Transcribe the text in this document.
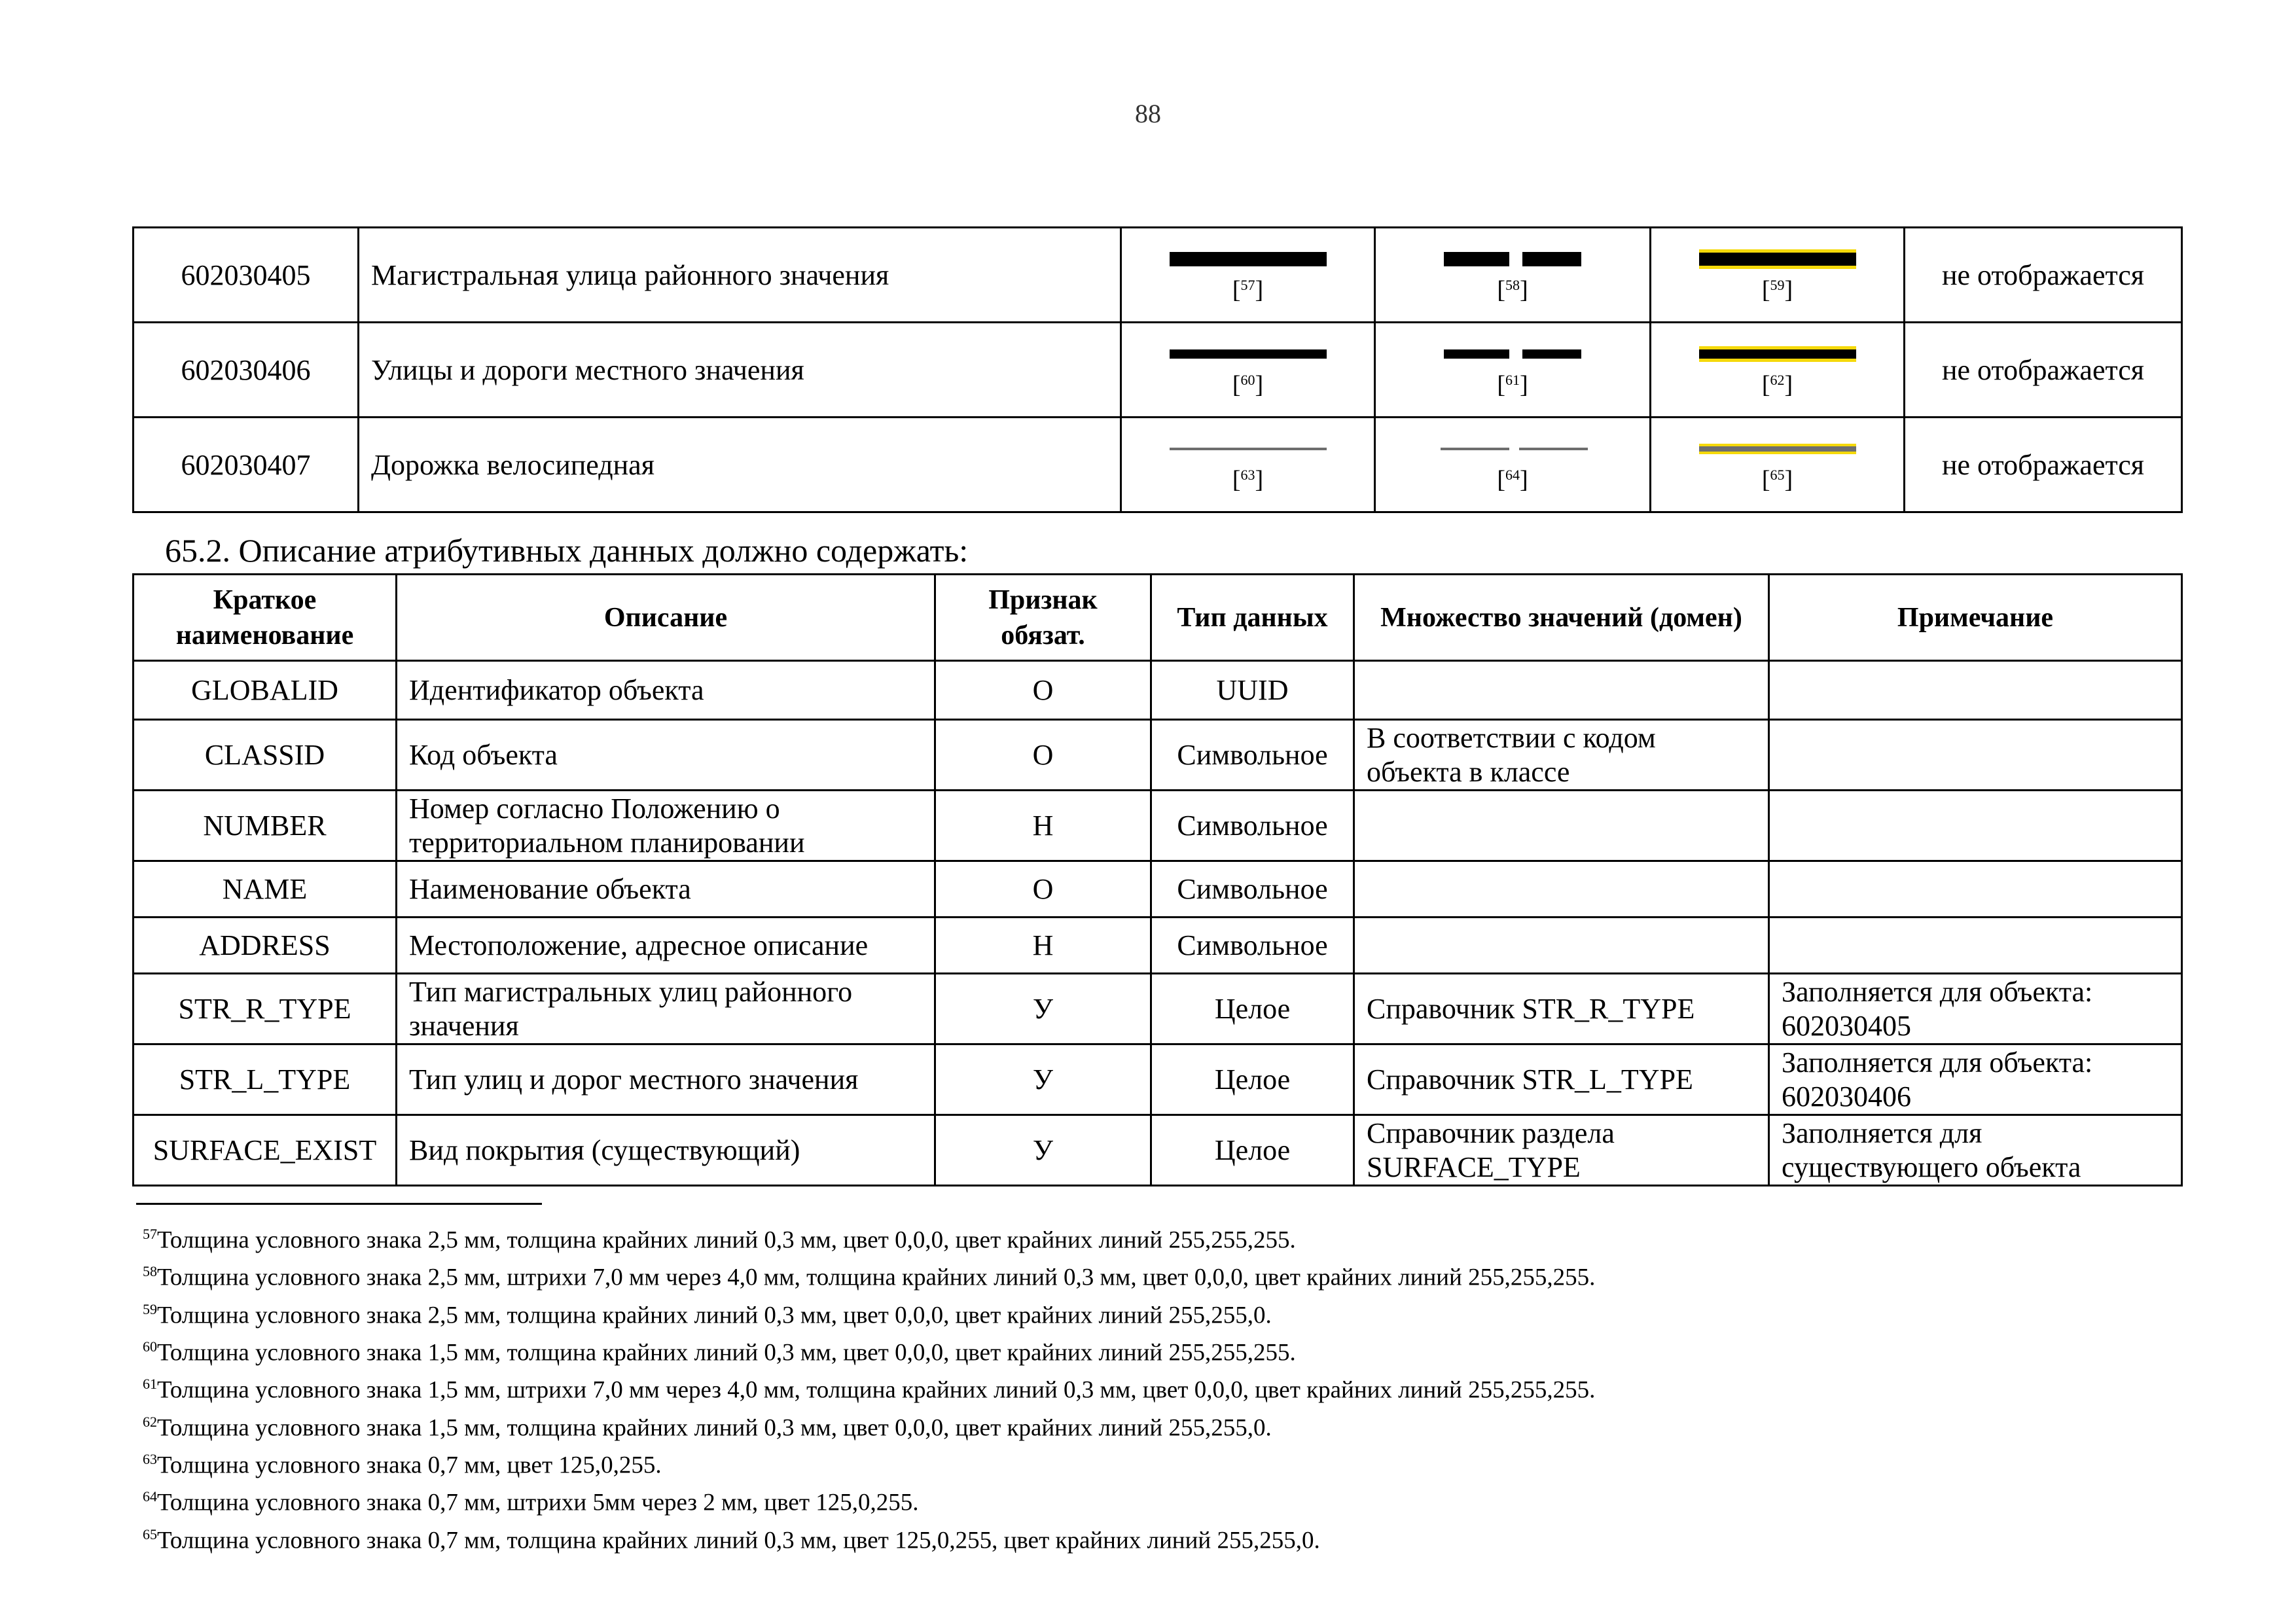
88
602030405	Магистральная улица районного значения	[$^{57}$]	[$^{58}$]	[$^{59}$]	не отображается
602030406	Улицы и дороги местного значения	[$^{60}$]	[$^{61}$]	[$^{62}$]	не отображается
602030407	Дорожка велосипедная	[$^{63}$]	[$^{64}$]	[$^{65}$]	не отображается
65.2. Описание атрибутивных данных должно содержать:
Краткое наименование	Описание	Признак обязат.	Тип данных	Множество значений (домен)	Примечание
GLOBALID	Идентификатор объекта	О	UUID		
CLASSID	Код объекта	О	Символьное	В соответствии с кодом объекта в классе	
NUMBER	Номер согласно Положению о территориальном планировании	Н	Символьное		
NAME	Наименование объекта	О	Символьное		
ADDRESS	Местоположение, адресное описание	Н	Символьное		
STR_R_TYPE	Тип магистральных улиц районного значения	У	Целое	Справочник STR_R_TYPE	Заполняется для объекта: 602030405
STR_L_TYPE	Тип улиц и дорог местного значения	У	Целое	Справочник STR_L_TYPE	Заполняется для объекта: 602030406
SURFACE_EXIST	Вид покрытия (существующий)	У	Целое	Справочник раздела SURFACE_TYPE	Заполняется для существующего объекта

$^{57}$Толщина условного знака 2,5 мм, толщина крайних линий 0,3 мм, цвет 0,0,0, цвет крайних линий 255,255,255.

$^{58}$Толщина условного знака 2,5 мм, штрихи 7,0 мм через 4,0 мм, толщина крайних линий 0,3 мм, цвет 0,0,0, цвет крайних линий 255,255,255.

$^{59}$Толщина условного знака 2,5 мм, толщина крайних линий 0,3 мм, цвет 0,0,0, цвет крайних линий 255,255,0.

$^{60}$Толщина условного знака 1,5 мм, толщина крайних линий 0,3 мм, цвет 0,0,0, цвет крайних линий 255,255,255.

$^{61}$Толщина условного знака 1,5 мм, штрихи 7,0 мм через 4,0 мм, толщина крайних линий 0,3 мм, цвет 0,0,0, цвет крайних линий 255,255,255.

$^{62}$Толщина условного знака 1,5 мм, толщина крайних линий 0,3 мм, цвет 0,0,0, цвет крайних линий 255,255,0.

$^{63}$Толщина условного знака 0,7 мм, цвет 125,0,255.

$^{64}$Толщина условного знака 0,7 мм, штрихи 5мм через 2 мм, цвет 125,0,255.

$^{65}$Толщина условного знака 0,7 мм, толщина крайних линий 0,3 мм, цвет 125,0,255, цвет крайних линий 255,255,0.
